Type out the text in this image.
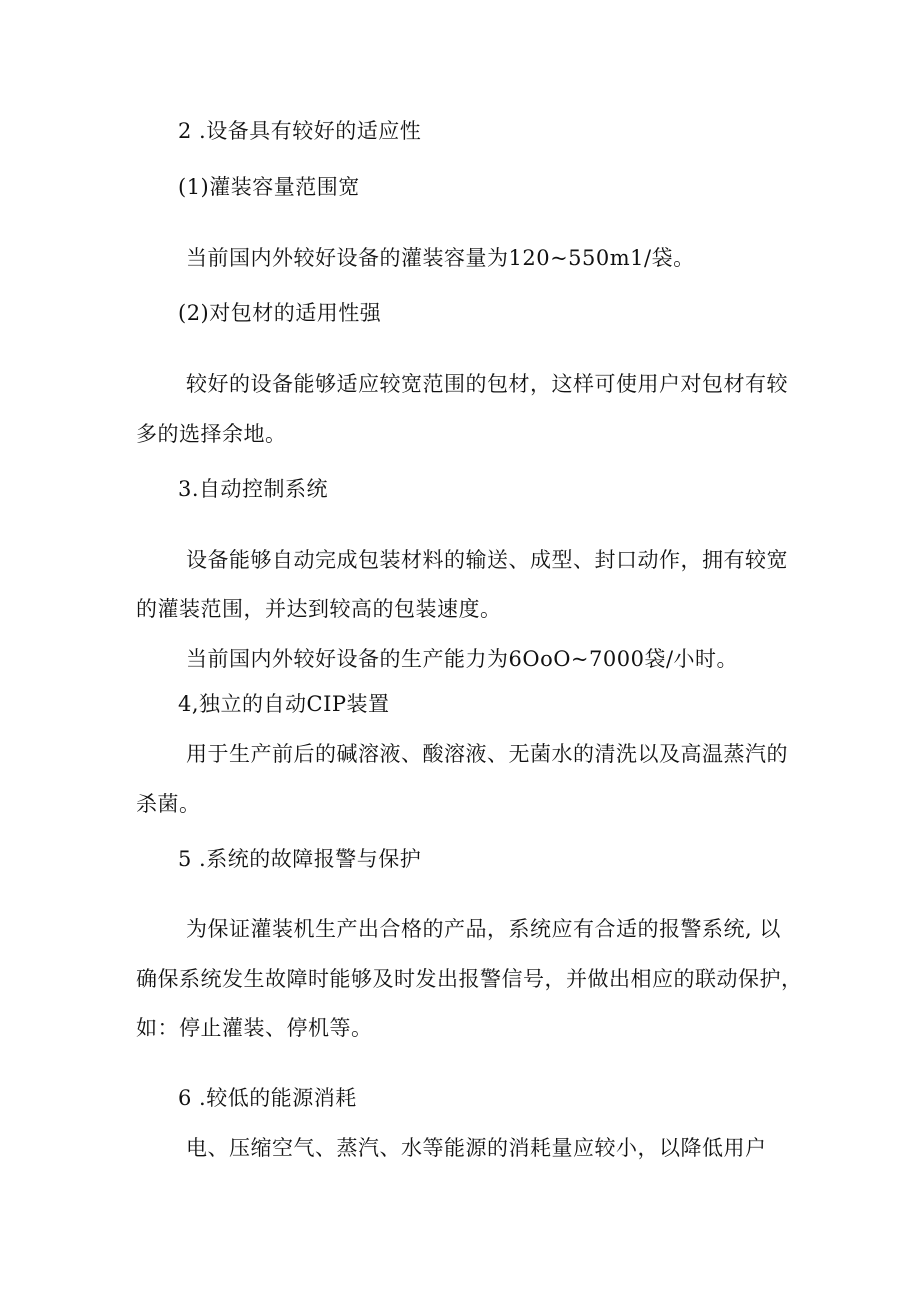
2 .设备具有较好的适应性
(1)灌装容量范围宽
当前国内外较好设备的灌装容量为120~550m1/袋。
(2)对包材的适用性强
较好的设备能够适应较宽范围的包材，这样可使用户对包材有较
多的选择余地。
3.自动控制系统
设备能够自动完成包装材料的输送、成型、封口动作，拥有较宽
的灌装范围，并达到较高的包装速度。
当前国内外较好设备的生产能力为6OoO~7000袋/小时。
4,独立的自动CIP装置
用于生产前后的碱溶液、酸溶液、无菌水的清洗以及高温蒸汽的
杀菌。
5 .系统的故障报警与保护
为保证灌装机生产出合格的产品，系统应有合适的报警系统, 以
确保系统发生故障时能够及时发出报警信号，并做出相应的联动保护，
如：停止灌装、停机等。
6 .较低的能源消耗
电、压缩空气、蒸汽、水等能源的消耗量应较小，以降低用户
